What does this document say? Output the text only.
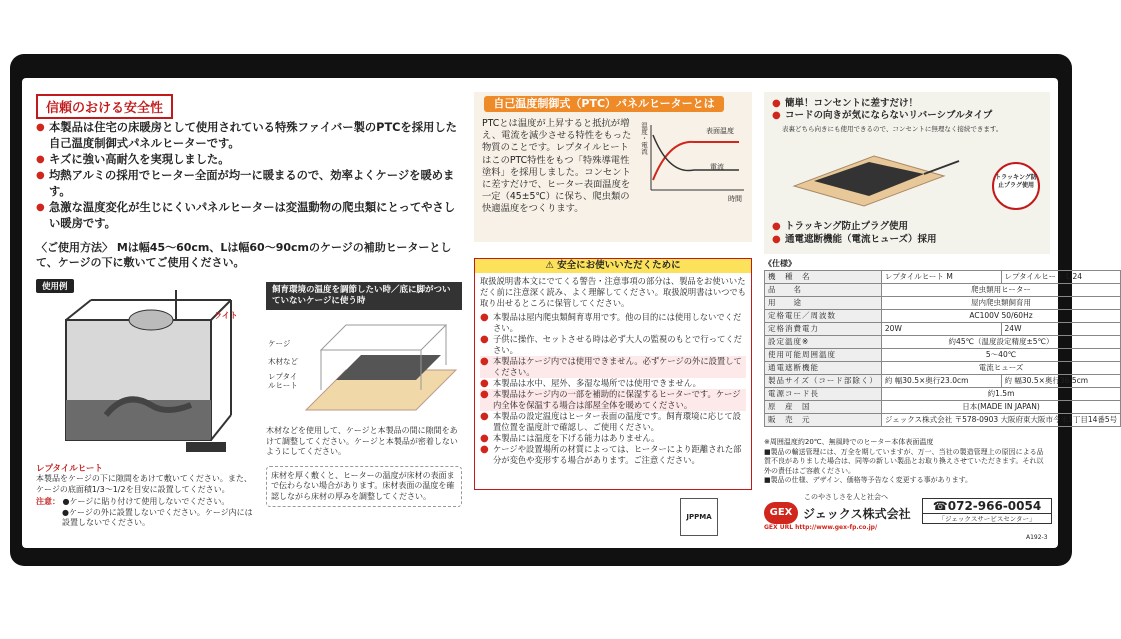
信頼のおける安全性
● 本製品は住宅の床暖房として使用されている特殊ファイバー製のPTCを採用した自己温度制御式パネルヒーターです。
● キズに強い高耐久を実現しました。
● 均熱アルミの採用でヒーター全面が均一に暖まるので、効率よくケージを暖めます。
● 急激な温度変化が生じにくいパネルヒーターは変温動物の爬虫類にとってやさしい暖房です。
〈ご使用方法〉 Mは幅45～60cm、Lは幅60～90cmのケージの補助ヒーターとして、ケージの下に敷いてご使用ください。
使用例
ライト
レプタイルヒート
本製品をケージの下に隙間をあけて敷いてください。また、ケージの底面積1/3～1/2を目安に設置してください。
注意： ●ケージに貼り付けて使用しないでください。
●ケージの外に設置しないでください。ケージ内には設置しないでください。
飼育環境の温度を調節したい時／底に脚がついていないケージに使う時
ケージ
木材など
レプタイルヒート
木材などを使用して、ケージと本製品の間に隙間をあけて調整してください。ケージと本製品が密着しないようにしてください。
床材を厚く敷くと、ヒーターの温度が床材の表面まで伝わらない場合があります。床材表面の温度を確認しながら床材の厚みを調整してください。
自己温度制御式（PTC）パネルヒーターとは
PTCとは温度が上昇すると抵抗が増え、電流を減少させる特性をもった物質のことです。レプタイルヒートはこのPTC特性をもつ「特殊導電性塗料」を採用しました。コンセントに差すだけで、ヒーター表面温度を一定（45±5℃）に保ち、爬虫類の快適温度をつくります。
温度・電流	表面温度
電流
時間
⚠ 安全にお使いいただくために
取扱説明書本文にでてくる警告・注意事項の部分は、製品をお使いいただく前に注意深く読み、よく理解してください。取扱説明書はいつでも取り出せるところに保管してください。
● 本製品は屋内爬虫類飼育専用です。他の目的には使用しないでください。
● 子供に操作、セットさせる時は必ず大人の監視のもとで行ってください。
● 本製品はケージ内では使用できません。必ずケージの外に設置してください。
● 本製品は水中、屋外、多湿な場所では使用できません。
● 本製品はケージ内の一部を補助的に保湿するヒーターです。ケージ内全体を保温する場合は部屋全体を暖めてください。
● 本製品の設定温度はヒーター表面の温度です。飼育環境に応じて設置位置を温度計で確認し、ご使用ください。
● 本製品には温度を下げる能力はありません。
● ケージや設置場所の材質によっては、ヒーターにより距離された部分が変色や変形する場合があります。ご注意ください。
JPPMA
● 簡単！コンセントに差すだけ！
● コードの向きが気にならないリバーシブルタイプ
表裏どちら向きにも使用できるので、コンセントに無理なく接続できます。
トラッキング防止プラグ使用
● トラッキング防止プラグ使用
● 通電遮断機能（電流ヒューズ）採用
《仕様》
機　種　名	レプタイルヒート M	レプタイルヒート L 24
品　　名	爬虫類用ヒーター	
用　　途	屋内爬虫類飼育用	
定格電圧／周波数	AC100V 50/60Hz	
定格消費電力	20W	24W
設定温度※	約45℃（温度設定精度±5℃）	
使用可能周囲温度	5～40℃	
通電遮断機能	電流ヒューズ	
製品サイズ（コード部除く）	約 幅30.5×奥行23.0cm	約 幅30.5×奥行36.5cm
電源コード長	約1.5m	
原　産　国	日本(MADE IN JAPAN)	
販　売　元	ジェックス株式会社 〒578-0903 大阪府東大阪市今米1丁目14番5号	
※周囲温度約20℃、無風時でのヒーター本体表面温度
■製品の輸送管理には、万全を期していますが、万一、当社の製造管理上の原因による品質不良がありました場合は、同等の新しい製品とお取り換えさせていただきます。それ以外の責任はご容赦ください。
■製品の仕様、デザイン、価格等予告なく変更する事があります。
このやさしさを人と社会へ
GEX ジェックス株式会社
GEX URL http://www.gex-fp.co.jp/
☎072-966-0054
「ジェックスサービスセンター」
A192-3
